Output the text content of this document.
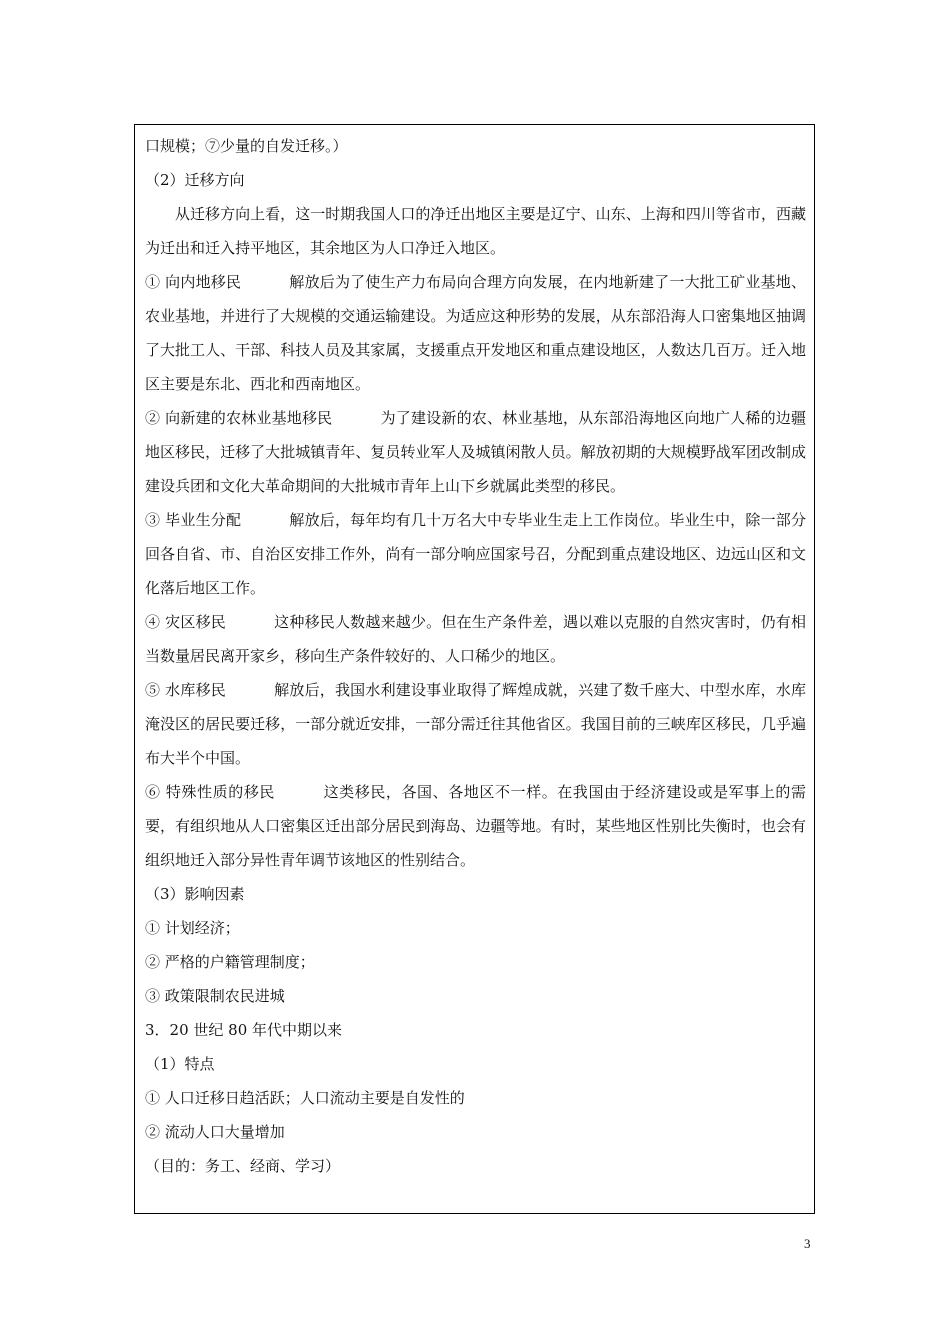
口规模；⑦少量的自发迁移。）
（2）迁移方向
从迁移方向上看，这一时期我国人口的净迁出地区主要是辽宁、山东、上海和四川等省市，西藏为迁出和迁入持平地区，其余地区为人口净迁入地区。
① 向内地移民	解放后为了使生产力布局向合理方向发展，在内地新建了一大批工矿业基地、农业基地，并进行了大规模的交通运输建设。为适应这种形势的发展，从东部沿海人口密集地区抽调了大批工人、干部、科技人员及其家属，支援重点开发地区和重点建设地区，人数达几百万。迁入地区主要是东北、西北和西南地区。
② 向新建的农林业基地移民	为了建设新的农、林业基地，从东部沿海地区向地广人稀的边疆地区移民，迁移了大批城镇青年、复员转业军人及城镇闲散人员。解放初期的大规模野战军团改制成建设兵团和文化大革命期间的大批城市青年上山下乡就属此类型的移民。
③ 毕业生分配	解放后，每年均有几十万名大中专毕业生走上工作岗位。毕业生中，除一部分回各自省、市、自治区安排工作外，尚有一部分响应国家号召，分配到重点建设地区、边远山区和文化落后地区工作。
④ 灾区移民	这种移民人数越来越少。但在生产条件差，遇以难以克服的自然灾害时，仍有相当数量居民离开家乡，移向生产条件较好的、人口稀少的地区。
⑤ 水库移民	解放后，我国水利建设事业取得了辉煌成就，兴建了数千座大、中型水库，水库淹没区的居民要迁移，一部分就近安排，一部分需迁往其他省区。我国目前的三峡库区移民，几乎遍布大半个中国。
⑥ 特殊性质的移民	这类移民，各国、各地区不一样。在我国由于经济建设或是军事上的需要，有组织地从人口密集区迁出部分居民到海岛、边疆等地。有时，某些地区性别比失衡时，也会有组织地迁入部分异性青年调节该地区的性别结合。
（3）影响因素
① 计划经济；
② 严格的户籍管理制度；
③ 政策限制农民进城
3．20 世纪 80 年代中期以来
（1）特点
① 人口迁移日趋活跃；人口流动主要是自发性的
② 流动人口大量增加
（目的：务工、经商、学习）
3
